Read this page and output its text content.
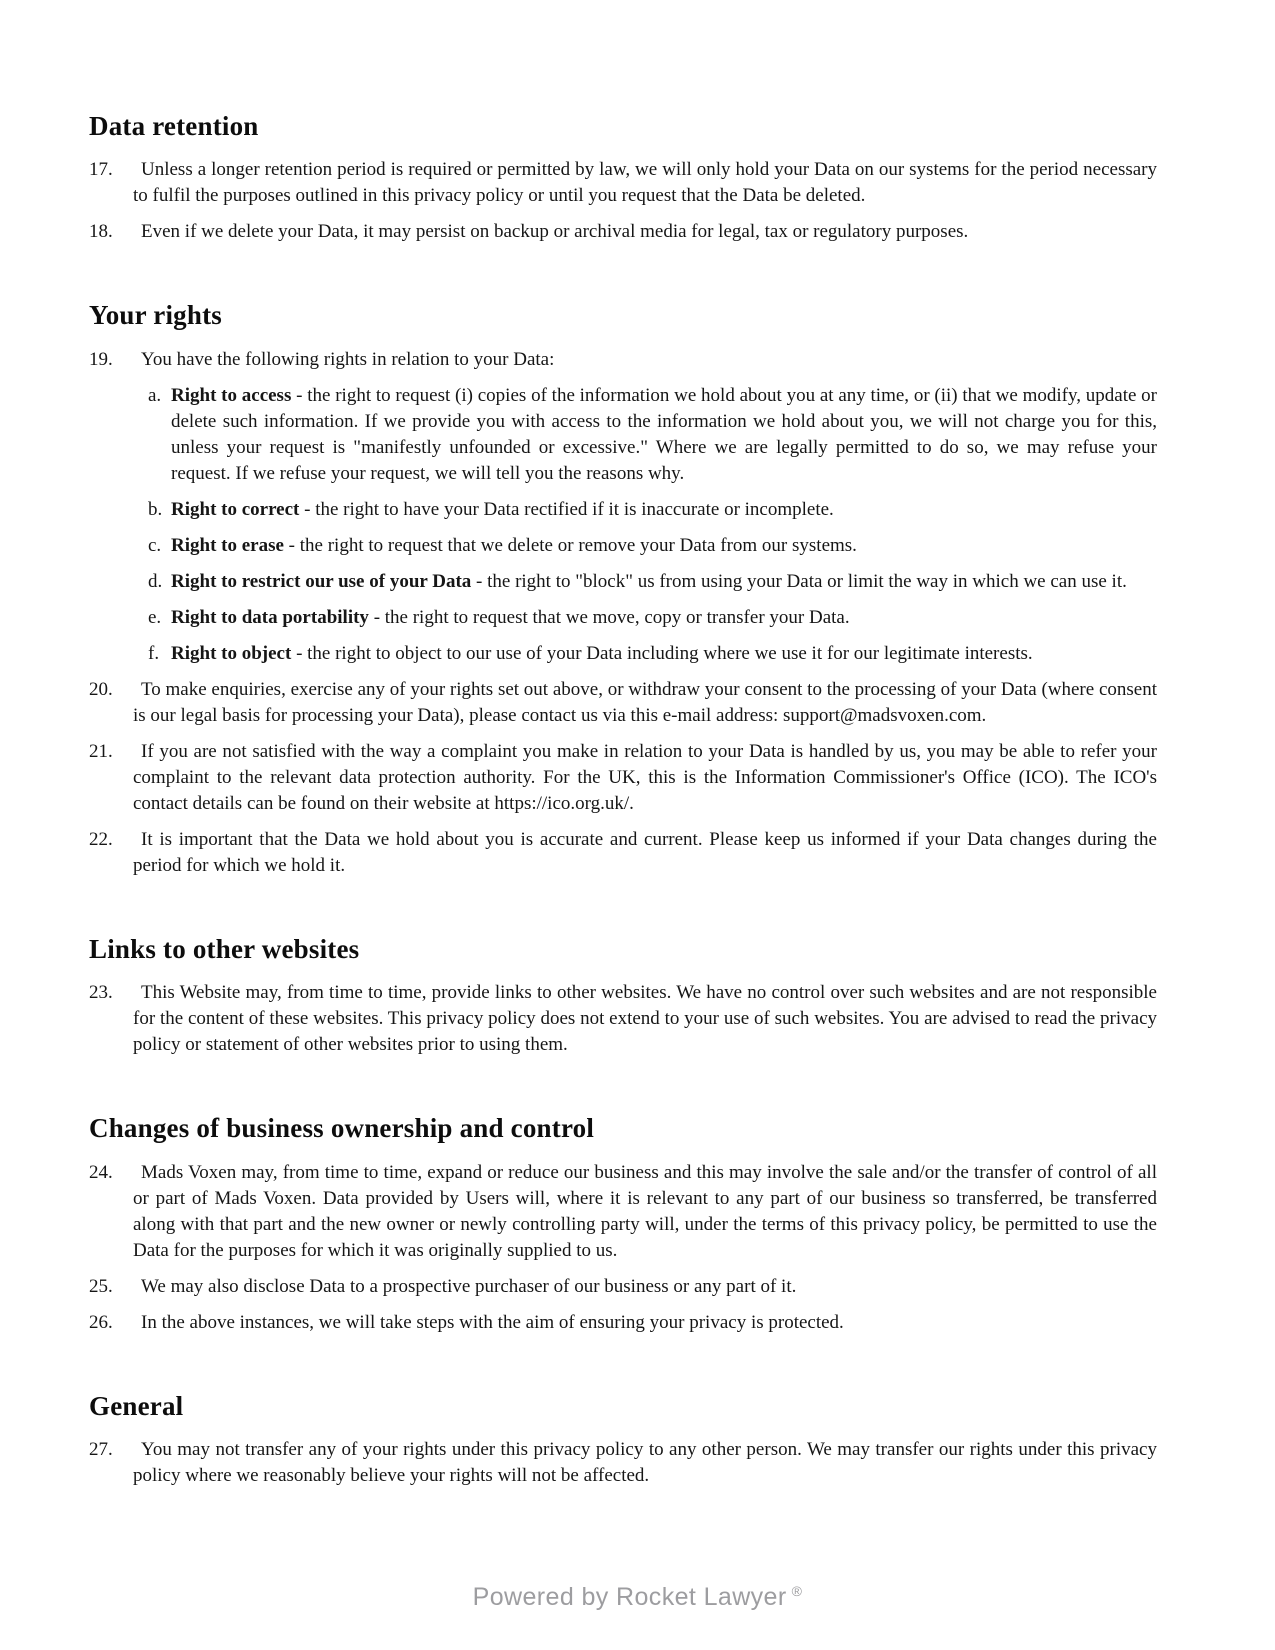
Data retention
17.	Unless a longer retention period is required or permitted by law, we will only hold your Data on our systems for the period necessary to fulfil the purposes outlined in this privacy policy or until you request that the Data be deleted.
18.	Even if we delete your Data, it may persist on backup or archival media for legal, tax or regulatory purposes.
Your rights
19.	You have the following rights in relation to your Data:
a. Right to access - the right to request (i) copies of the information we hold about you at any time, or (ii) that we modify, update or delete such information. If we provide you with access to the information we hold about you, we will not charge you for this, unless your request is "manifestly unfounded or excessive." Where we are legally permitted to do so, we may refuse your request. If we refuse your request, we will tell you the reasons why.
b. Right to correct - the right to have your Data rectified if it is inaccurate or incomplete.
c. Right to erase - the right to request that we delete or remove your Data from our systems.
d. Right to restrict our use of your Data - the right to "block" us from using your Data or limit the way in which we can use it.
e. Right to data portability - the right to request that we move, copy or transfer your Data.
f. Right to object - the right to object to our use of your Data including where we use it for our legitimate interests.
20.	To make enquiries, exercise any of your rights set out above, or withdraw your consent to the processing of your Data (where consent is our legal basis for processing your Data), please contact us via this e-mail address: support@madsvoxen.com.
21.	If you are not satisfied with the way a complaint you make in relation to your Data is handled by us, you may be able to refer your complaint to the relevant data protection authority. For the UK, this is the Information Commissioner's Office (ICO). The ICO's contact details can be found on their website at https://ico.org.uk/.
22.	It is important that the Data we hold about you is accurate and current. Please keep us informed if your Data changes during the period for which we hold it.
Links to other websites
23.	This Website may, from time to time, provide links to other websites. We have no control over such websites and are not responsible for the content of these websites. This privacy policy does not extend to your use of such websites. You are advised to read the privacy policy or statement of other websites prior to using them.
Changes of business ownership and control
24.	Mads Voxen may, from time to time, expand or reduce our business and this may involve the sale and/or the transfer of control of all or part of Mads Voxen. Data provided by Users will, where it is relevant to any part of our business so transferred, be transferred along with that part and the new owner or newly controlling party will, under the terms of this privacy policy, be permitted to use the Data for the purposes for which it was originally supplied to us.
25.	We may also disclose Data to a prospective purchaser of our business or any part of it.
26.	In the above instances, we will take steps with the aim of ensuring your privacy is protected.
General
27.	You may not transfer any of your rights under this privacy policy to any other person. We may transfer our rights under this privacy policy where we reasonably believe your rights will not be affected.
Powered by Rocket Lawyer ®
